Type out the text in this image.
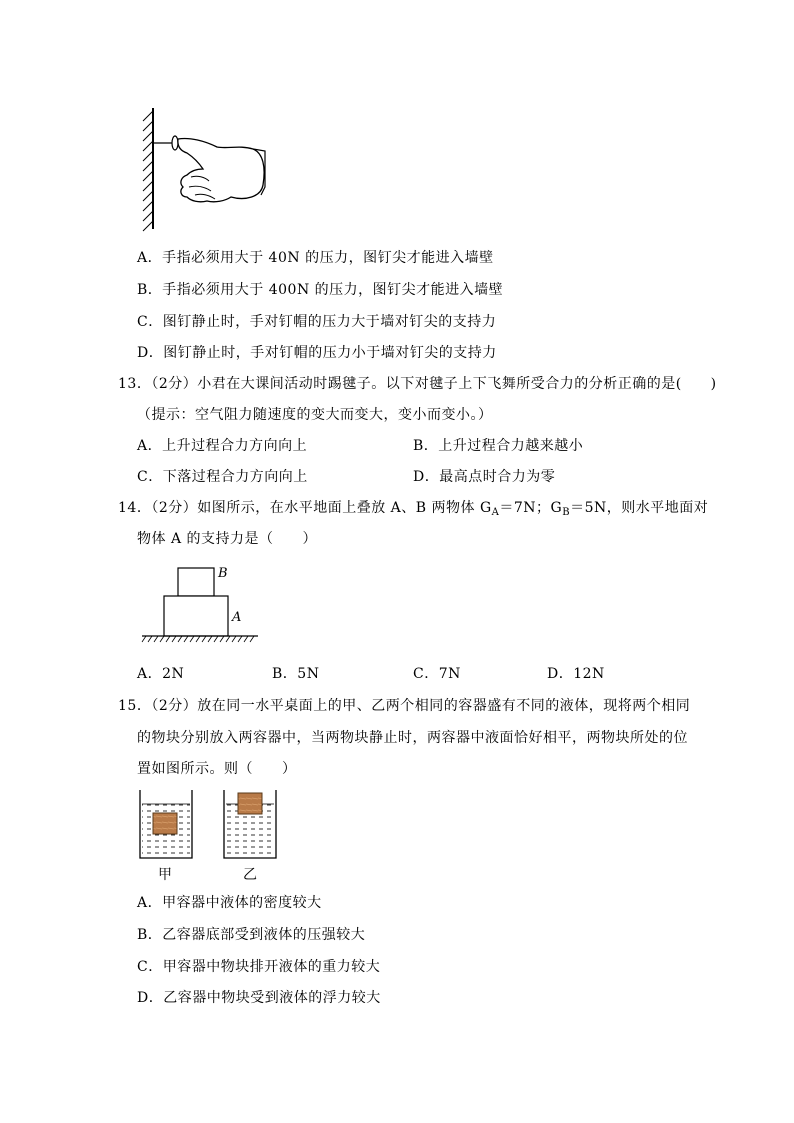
A．手指必须用大于 40N 的压力，图钉尖才能进入墙壁
B．手指必须用大于 400N 的压力，图钉尖才能进入墙壁
C．图钉静止时，手对钉帽的压力大于墙对钉尖的支持力
D．图钉静止时，手对钉帽的压力小于墙对钉尖的支持力
13．（2分）小君在大课间活动时踢毽子。以下对毽子上下飞舞所受合力的分析正确的是(　　)
（提示：空气阻力随速度的变大而变大，变小而变小。）
A．上升过程合力方向向上	B．上升过程合力越来越小
C．下落过程合力方向向上	D．最高点时合力为零
14．（2分）如图所示，在水平地面上叠放 A、B 两物体 $G_A=7N$；$G_B=5N$，则水平地面对
物体 A 的支持力是（　　）
B
A
A．2N	B．5N	C．7N	D．12N
15．（2分）放在同一水平桌面上的甲、乙两个相同的容器盛有不同的液体，现将两个相同
的物块分别放入两容器中，当两物块静止时，两容器中液面恰好相平，两物块所处的位
置如图所示。则（　　）
甲	乙
A．甲容器中液体的密度较大
B．乙容器底部受到液体的压强较大
C．甲容器中物块排开液体的重力较大
D．乙容器中物块受到液体的浮力较大
